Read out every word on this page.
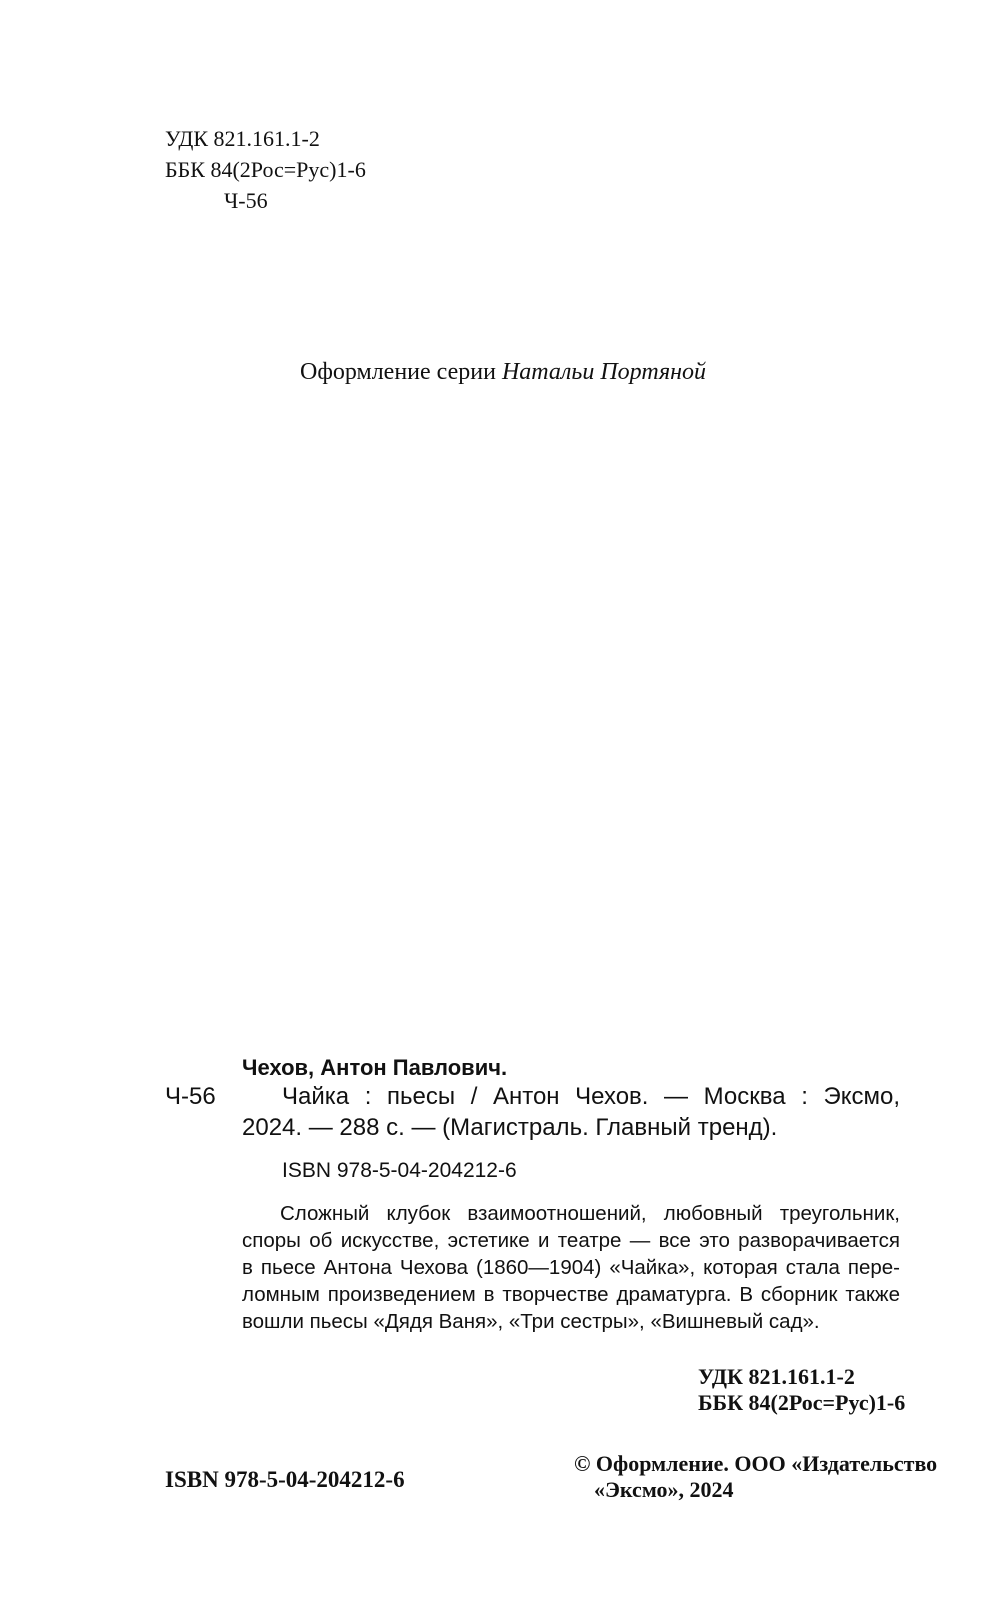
УДК 821.161.1-2
ББК 84(2Рос=Рус)1-6
Ч-56
Оформление серии Натальи Портяной
Чехов, Антон Павлович.
Ч-56	Чайка : пьесы / Антон Чехов. — Москва : Эксмо,
2024. — 288 с. — (Магистраль. Главный тренд).
ISBN 978-5-04-204212-6
Сложный клубок взаимоотношений, любовный треугольник,
споры об искусстве, эстетике и театре — все это разворачивается
в пьесе Антона Чехова (1860—1904) «Чайка», которая стала пере-
ломным произведением в творчестве драматурга. В сборник также
вошли пьесы «Дядя Ваня», «Три сестры», «Вишневый сад».
УДК 821.161.1-2
ББК 84(2Рос=Рус)1-6
ISBN 978-5-04-204212-6
© Оформление. ООО «Издательство
«Эксмо», 2024
